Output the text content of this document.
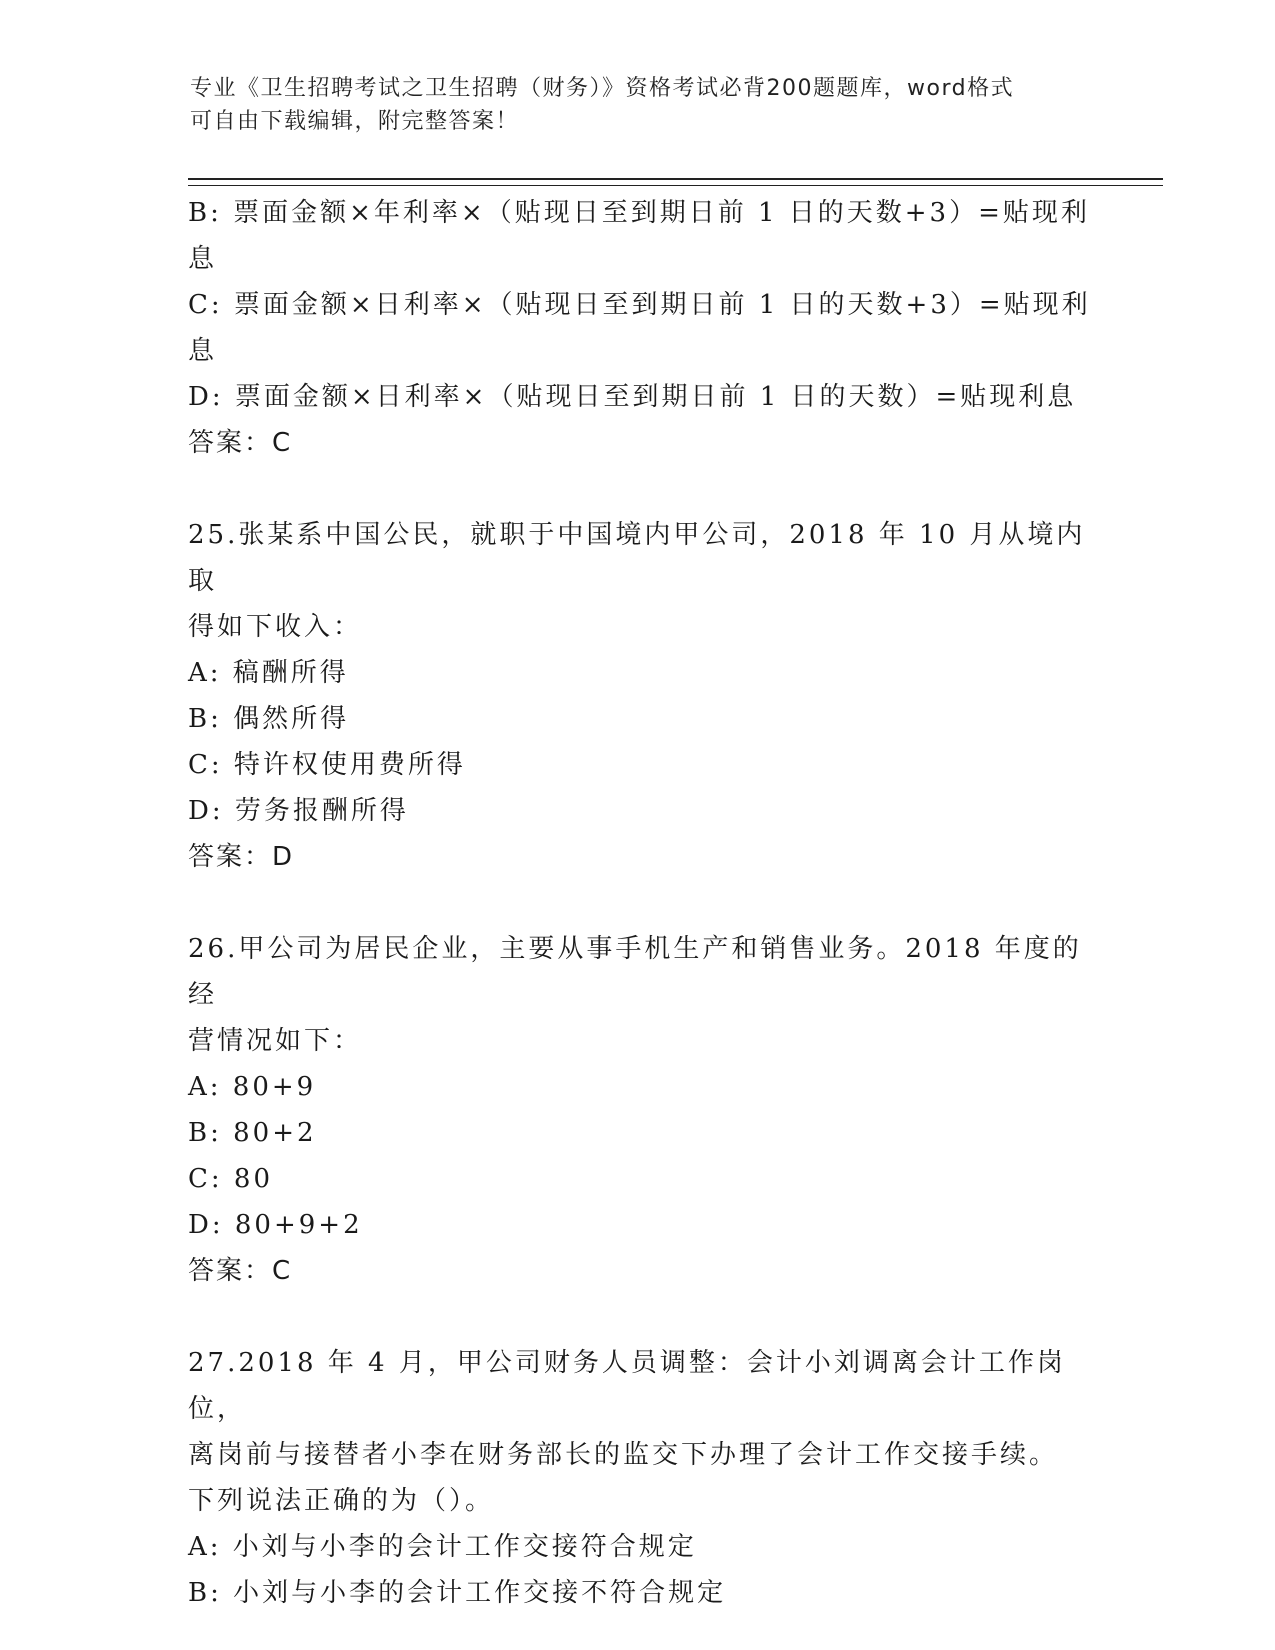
专业《卫生招聘考试之卫生招聘（财务）》资格考试必背200题题库，word格式
可自由下载编辑，附完整答案！
B: 票面金额×年利率×（贴现日至到期日前 1 日的天数+3）=贴现利
息
C: 票面金额×日利率×（贴现日至到期日前 1 日的天数+3）=贴现利
息
D: 票面金额×日利率×（贴现日至到期日前 1 日的天数）=贴现利息
答案：C
25.张某系中国公民，就职于中国境内甲公司，2018 年 10 月从境内取
得如下收入：
A: 稿酬所得
B: 偶然所得
C: 特许权使用费所得
D: 劳务报酬所得
答案：D
26.甲公司为居民企业，主要从事手机生产和销售业务。2018 年度的经
营情况如下：
A: 80+9
B: 80+2
C: 80
D: 80+9+2
答案：C
27.2018 年 4 月，甲公司财务人员调整：会计小刘调离会计工作岗位，
离岗前与接替者小李在财务部长的监交下办理了会计工作交接手续。
下列说法正确的为（）。
A: 小刘与小李的会计工作交接符合规定
B: 小刘与小李的会计工作交接不符合规定
